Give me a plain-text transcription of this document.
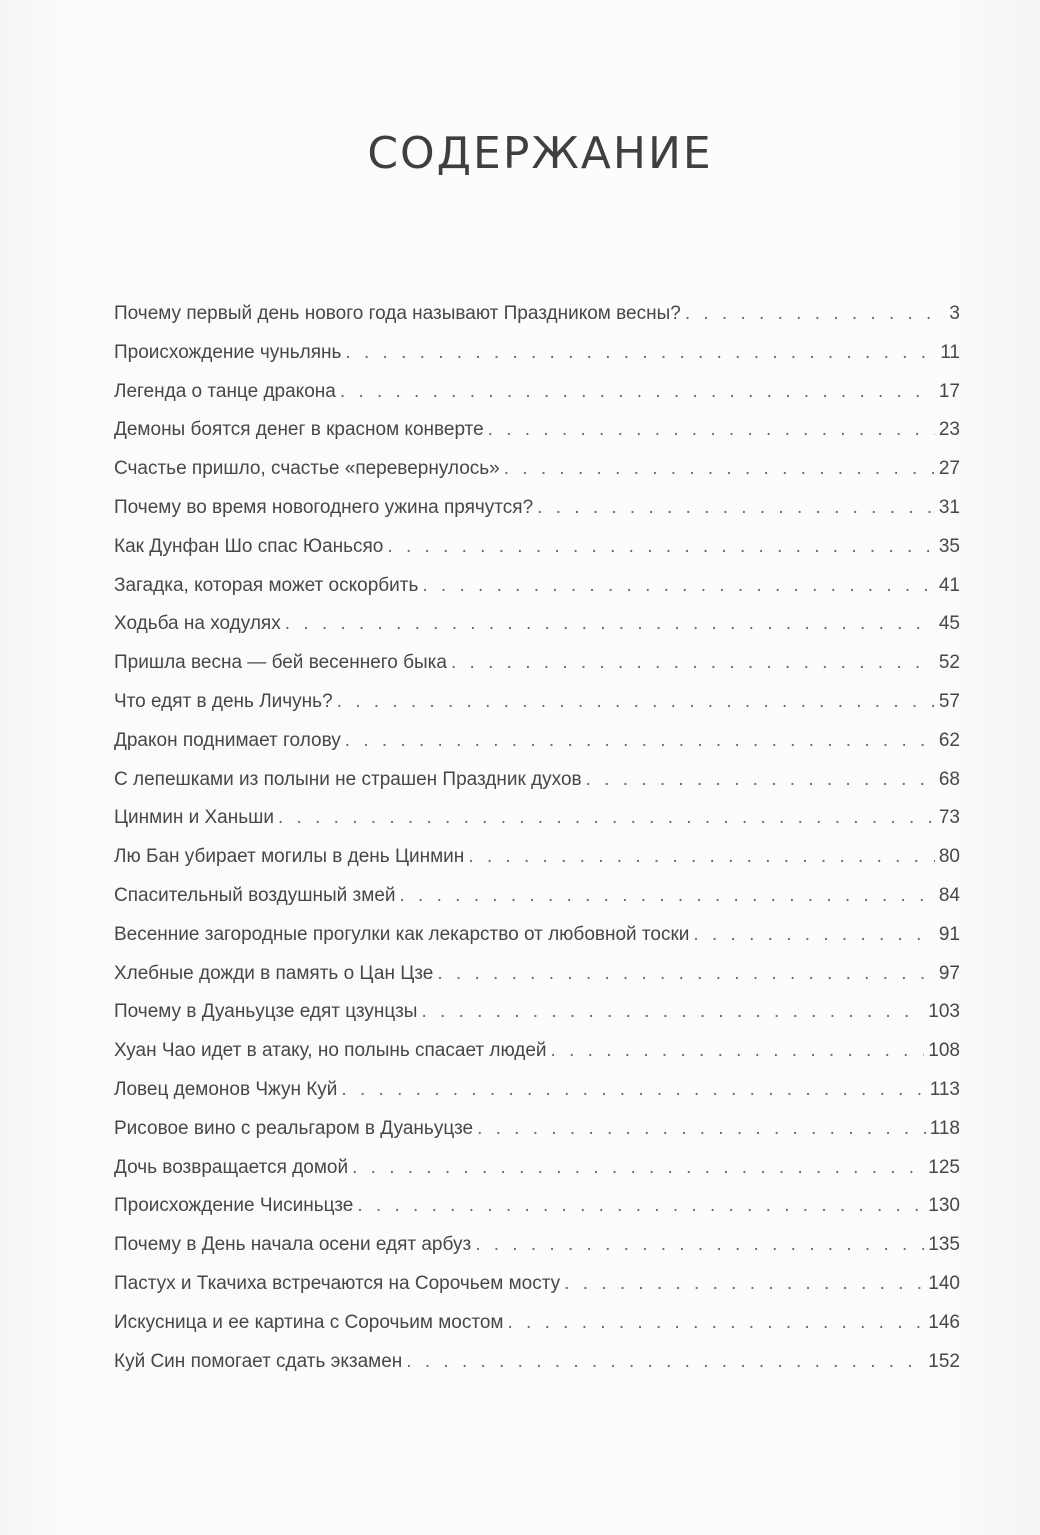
СОДЕРЖАНИЕ
Почему первый день нового года называют Праздником весны? . . .	3
Происхождение чуньлянь . . .	11
Легенда о танце дракона . . .	17
Демоны боятся денег в красном конверте . . .	23
Счастье пришло, счастье «перевернулось» . . .	27
Почему во время новогоднего ужина прячутся? . . .	31
Как Дунфан Шо спас Юаньсяо . . .	35
Загадка, которая может оскорбить . . .	41
Ходьба на ходулях . . .	45
Пришла весна — бей весеннего быка . . .	52
Что едят в день Личунь? . . .	57
Дракон поднимает голову . . .	62
С лепешками из полыни не страшен Праздник духов . . .	68
Цинмин и Ханьши . . .	73
Лю Бан убирает могилы в день Цинмин . . .	80
Спасительный воздушный змей . . .	84
Весенние загородные прогулки как лекарство от любовной тоски . . .	91
Хлебные дожди в память о Цан Цзе . . .	97
Почему в Дуаньуцзе едят цзунцзы . . .	103
Хуан Чао идет в атаку, но полынь спасает людей . . .	108
Ловец демонов Чжун Куй . . .	113
Рисовое вино с реальгаром в Дуаньуцзе . . .	118
Дочь возвращается домой . . .	125
Происхождение Чисиньцзе . . .	130
Почему в День начала осени едят арбуз . . .	135
Пастух и Ткачиха встречаются на Сорочьем мосту . . .	140
Искусница и ее картина с Сорочьим мостом . . .	146
Куй Син помогает сдать экзамен . . .	152
